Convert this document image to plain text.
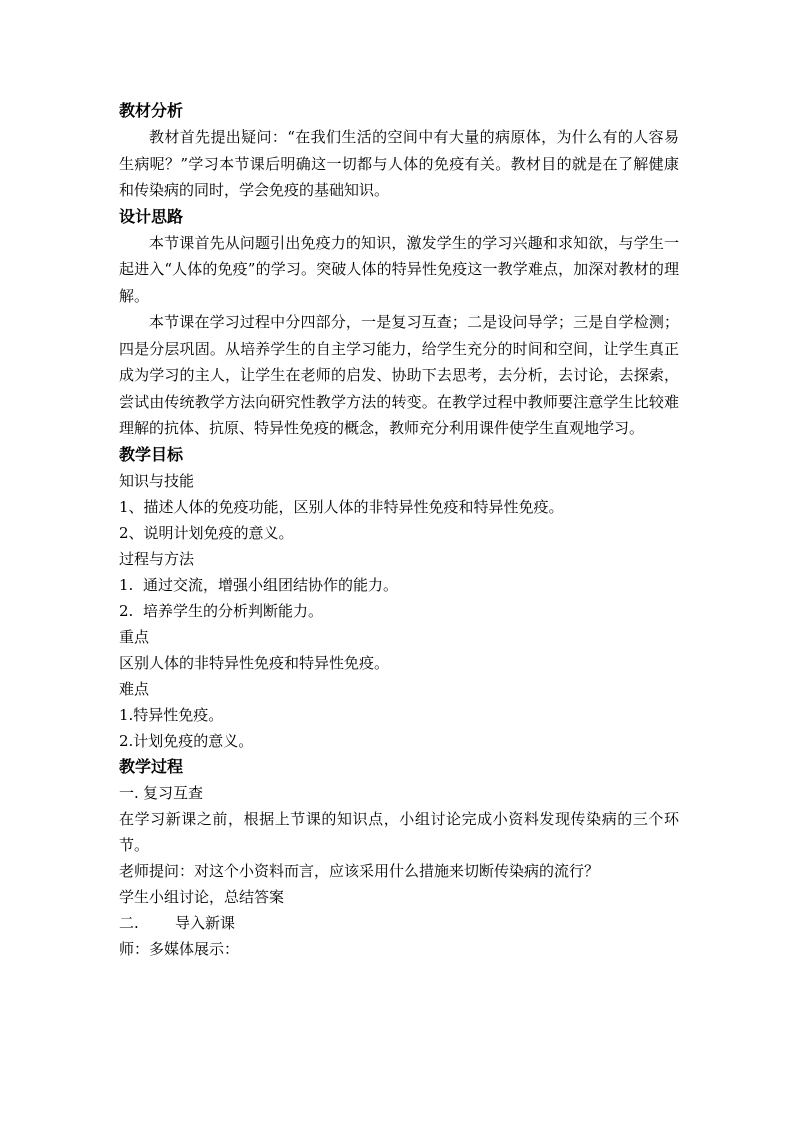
教材分析

教材首先提出疑问：“在我们生活的空间中有大量的病原体，为什么有的人容易生病呢？”学习本节课后明确这一切都与人体的免疫有关。教材目的就是在了解健康和传染病的同时，学会免疫的基础知识。

设计思路

本节课首先从问题引出免疫力的知识，激发学生的学习兴趣和求知欲，与学生一起进入“人体的免疫”的学习。突破人体的特异性免疫这一教学难点，加深对教材的理解。

本节课在学习过程中分四部分，一是复习互查；二是设问导学；三是自学检测；四是分层巩固。从培养学生的自主学习能力，给学生充分的时间和空间，让学生真正成为学习的主人，让学生在老师的启发、协助下去思考，去分析，去讨论，去探索，尝试由传统教学方法向研究性教学方法的转变。在教学过程中教师要注意学生比较难理解的抗体、抗原、特异性免疫的概念，教师充分利用课件使学生直观地学习。

教学目标
知识与技能
1、描述人体的免疫功能，区别人体的非特异性免疫和特异性免疫。
2、说明计划免疫的意义。
过程与方法
1. 通过交流，增强小组团结协作的能力。
2. 培养学生的分析判断能力。
重点
区别人体的非特异性免疫和特异性免疫。
难点
1.特异性免疫。
2.计划免疫的意义。
教学过程
一. 复习互查

在学习新课之前，根据上节课的知识点，小组讨论完成小资料发现传染病的三个环节。

老师提问：对这个小资料而言，应该采用什么措施来切断传染病的流行？
学生小组讨论，总结答案
二. 导入新课
师：多媒体展示：
